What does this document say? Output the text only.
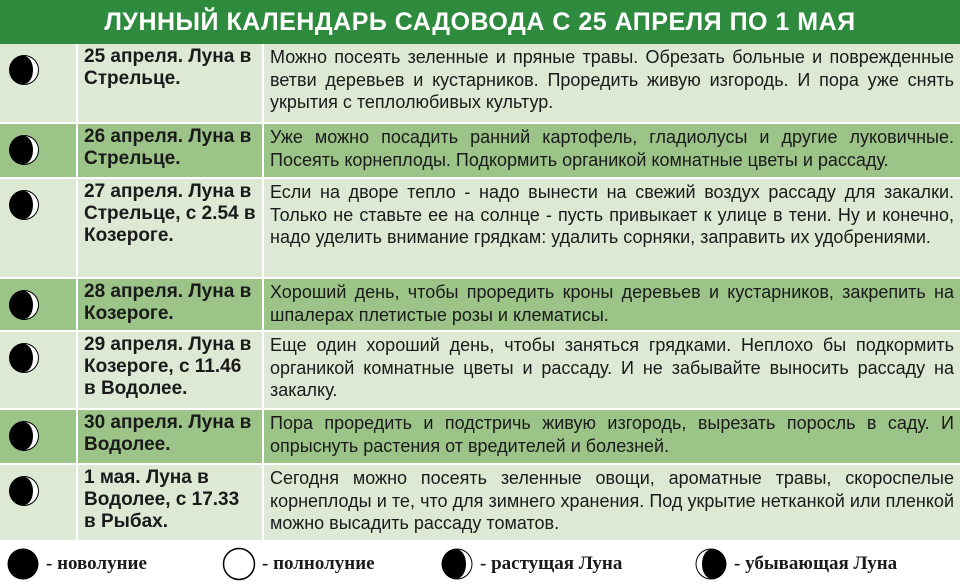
ЛУННЫЙ КАЛЕНДАРЬ САДОВОДА С 25 АПРЕЛЯ ПО 1 МАЯ
25 апреля. Луна в Стрельце.
Можно посеять зеленные и пряные травы. Обрезать больные и поврежденные ветви деревьев и кустарников. Проредить живую изгородь. И пора уже снять укрытия с теплолюбивых культур.
26 апреля. Луна в Стрельце.
Уже можно посадить ранний картофель, гладиолусы и другие луковичные. Посеять корнеплоды. Подкормить органикой комнатные цветы и рассаду.
27 апреля. Луна в Стрельце, с 2.54 в Козероге.
Если на дворе тепло - надо вынести на свежий воздух рассаду для закалки. Только не ставьте ее на солнце - пусть привыкает к улице в тени. Ну и конечно, надо уделить внимание грядкам: удалить сорняки, заправить их удобрениями.
28 апреля. Луна в Козероге.
Хороший день, чтобы проредить кроны деревьев и кустарников, закрепить на шпалерах плетистые розы и клематисы.
29 апреля. Луна в Козероге, с 11.46 в Водолее.
Еще один хороший день, чтобы заняться грядками. Неплохо бы подкормить органикой комнатные цветы и рассаду. И не забывайте выносить рассаду на закалку.
30 апреля. Луна в Водолее.
Пора проредить и подстричь живую изгородь, вырезать поросль в саду. И опрыснуть растения от вредителей и болезней.
1 мая. Луна в Водолее, с 17.33 в Рыбах.
Сегодня можно посеять зеленные овощи, ароматные травы, скороспелые корнеплоды и те, что для зимнего хранения. Под укрытие нетканкой или пленкой можно высадить рассаду томатов.
- новолуние	- полнолуние	- растущая Луна	- убывающая Луна
